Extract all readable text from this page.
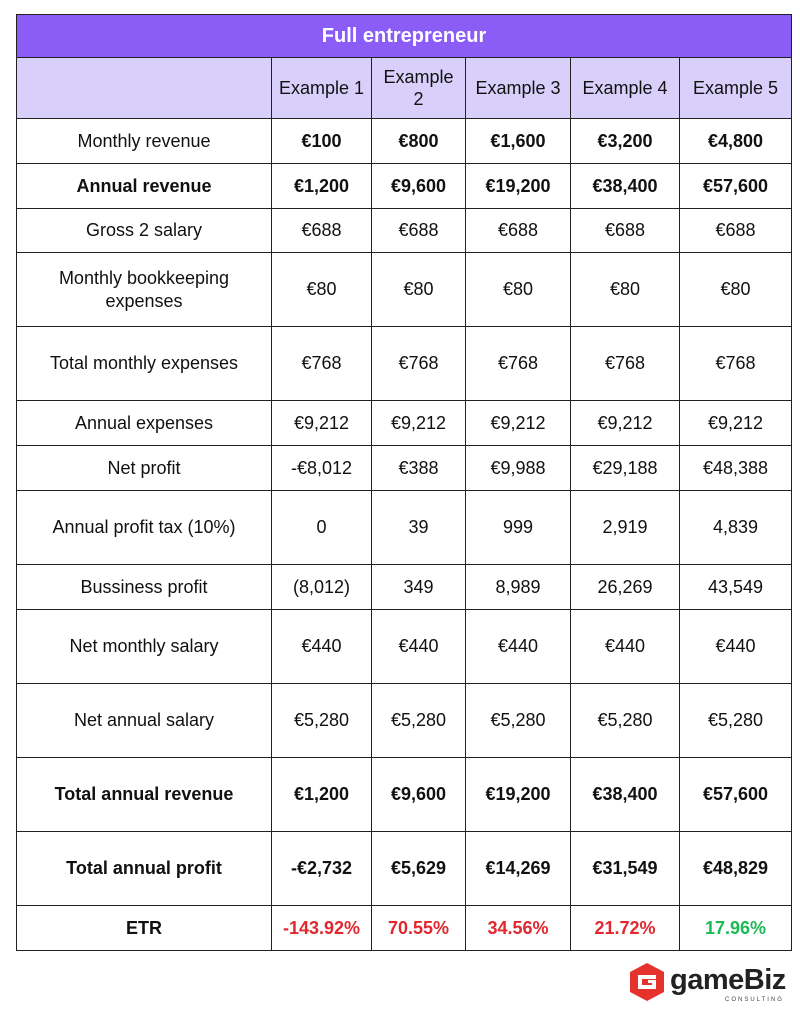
Full entrepreneur					
	Example 1	Example 2	Example 3	Example 4	Example 5
Monthly revenue	€100	€800	€1,600	€3,200	€4,800
Annual revenue	€1,200	€9,600	€19,200	€38,400	€57,600
Gross 2 salary	€688	€688	€688	€688	€688
Monthly bookkeeping expenses	€80	€80	€80	€80	€80
Total monthly expenses	€768	€768	€768	€768	€768
Annual expenses	€9,212	€9,212	€9,212	€9,212	€9,212
Net profit	-€8,012	€388	€9,988	€29,188	€48,388
Annual profit tax (10%)	0	39	999	2,919	4,839
Bussiness profit	(8,012)	349	8,989	26,269	43,549
Net monthly salary	€440	€440	€440	€440	€440
Net annual salary	€5,280	€5,280	€5,280	€5,280	€5,280
Total annual revenue	€1,200	€9,600	€19,200	€38,400	€57,600
Total annual profit	-€2,732	€5,629	€14,269	€31,549	€48,829
ETR	-143.92%	70.55%	34.56%	21.72%	17.96%
gameBiz
CONSULTING
